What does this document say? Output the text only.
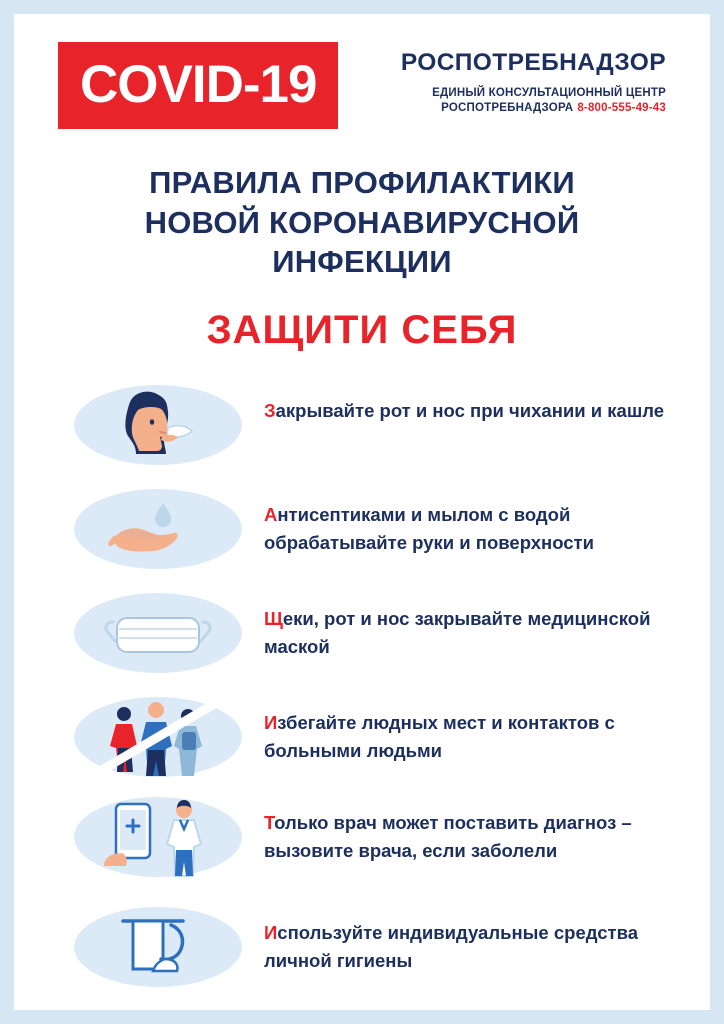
COVID-19	РОСПОТРЕБНАДЗОР
ЕДИНЫЙ КОНСУЛЬТАЦИОННЫЙ ЦЕНТР
РОСПОТРЕБНАДЗОРА 8-800-555-49-43
ПРАВИЛА ПРОФИЛАКТИКИ
НОВОЙ КОРОНАВИРУСНОЙ ИНФЕКЦИИ
ЗАЩИТИ СЕБЯ
Закрывайте рот и нос при чихании и кашле
Антисептиками и мылом с водой обрабатывайте руки и поверхности
Щеки, рот и нос закрывайте медицинской маской
Избегайте людных мест и контактов с больными людьми
Только врач может поставить диагноз – вызовите врача, если заболели
Используйте индивидуальные средства личной гигиены
